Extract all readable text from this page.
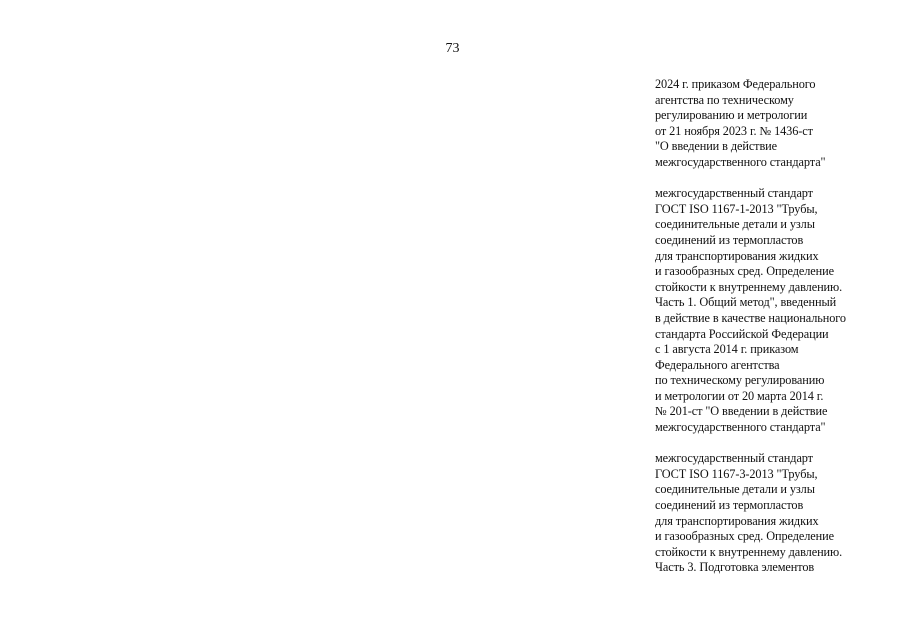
73

2024 г. приказом Федерального
агентства по техническому
регулированию и метрологии
от 21 ноября 2023 г. № 1436-ст
"О введении в действие
межгосударственного стандарта"

межгосударственный стандарт
ГОСТ ISO 1167-1-2013 "Трубы,
соединительные детали и узлы
соединений из термопластов
для транспортирования жидких
и газообразных сред. Определение
стойкости к внутреннему давлению.
Часть 1. Общий метод", введенный
в действие в качестве национального
стандарта Российской Федерации
с 1 августа 2014 г. приказом
Федерального агентства
по техническому регулированию
и метрологии от 20 марта 2014 г.
№ 201-ст "О введении в действие
межгосударственного стандарта"

межгосударственный стандарт
ГОСТ ISO 1167-3-2013 "Трубы,
соединительные детали и узлы
соединений из термопластов
для транспортирования жидких
и газообразных сред. Определение
стойкости к внутреннему давлению.
Часть 3. Подготовка элементов
